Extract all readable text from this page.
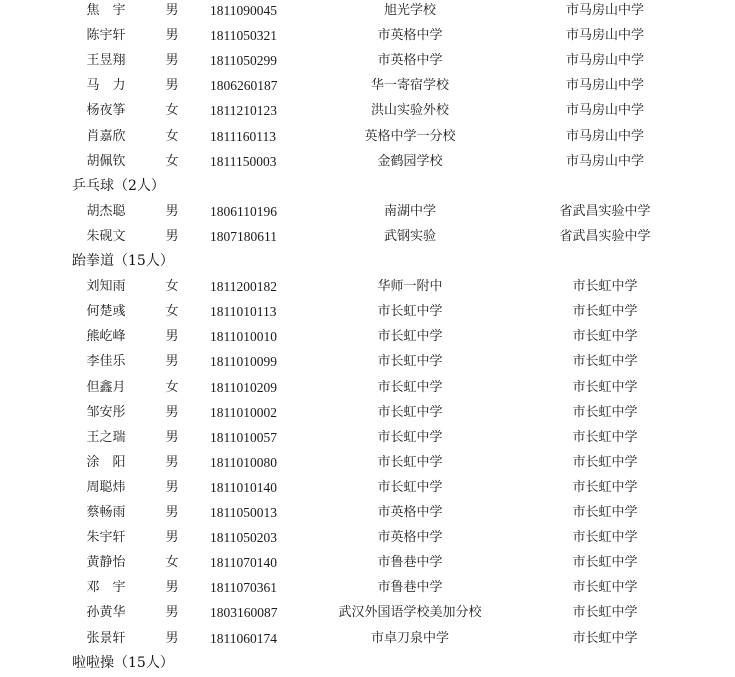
焦　宇	男 1811090045	旭光学校	市马房山中学
陈宇轩	男 1811050321	市英格中学	市马房山中学
王昱翔	男 1811050299	市英格中学	市马房山中学
马　力	男 1806260187	华一寄宿学校	市马房山中学
杨夜筝	女 1811210123	洪山实验外校	市马房山中学
肖嘉欣	女 1811160113	英格中学一分校	市马房山中学
胡佩钦	女 1811150003	金鹤园学校	市马房山中学
乒乓球（2人）
胡杰聪	男 1806110196	南湖中学	省武昌实验中学
朱砚文	男 1807180611	武钢实验	省武昌实验中学
跆拳道（15人）
刘知雨	女 1811200182	华师一附中	市长虹中学
何楚彧	女 1811010113	市长虹中学	市长虹中学
熊屹峰	男 1811010010	市长虹中学	市长虹中学
李佳乐	男 1811010099	市长虹中学	市长虹中学
但鑫月	女 1811010209	市长虹中学	市长虹中学
邹安彤	男 1811010002	市长虹中学	市长虹中学
王之瑞	男 1811010057	市长虹中学	市长虹中学
涂　阳	男 1811010080	市长虹中学	市长虹中学
周聪炜	男 1811010140	市长虹中学	市长虹中学
蔡畅雨	男 1811050013	市英格中学	市长虹中学
朱宇轩	男 1811050203	市英格中学	市长虹中学
黄静怡	女 1811070140	市鲁巷中学	市长虹中学
邓　宇	男 1811070361	市鲁巷中学	市长虹中学
孙黄华	男 1803160087	武汉外国语学校美加分校	市长虹中学
张景轩	男 1811060174	市卓刀泉中学	市长虹中学
啦啦操（15人）
